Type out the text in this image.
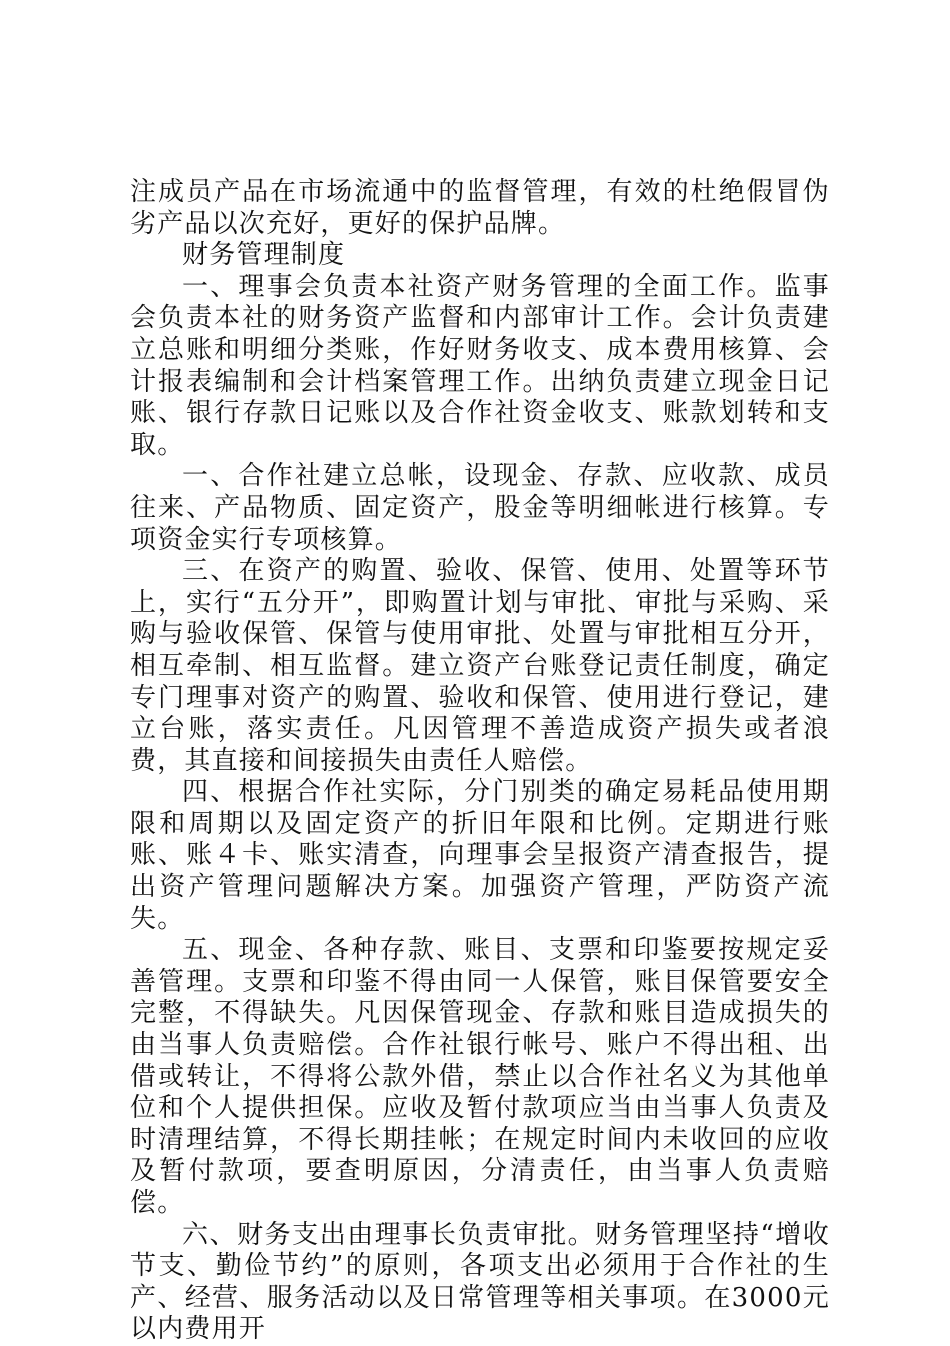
注成员产品在市场流通中的监督管理，有效的杜绝假冒伪劣产品以次充好，更好的保护品牌。

财务管理制度

一、理事会负责本社资产财务管理的全面工作。监事会负责本社的财务资产监督和内部审计工作。会计负责建立总账和明细分类账，作好财务收支、成本费用核算、会计报表编制和会计档案管理工作。出纳负责建立现金日记账、银行存款日记账以及合作社资金收支、账款划转和支取。

一、合作社建立总帐，设现金、存款、应收款、成员往来、产品物质、固定资产，股金等明细帐进行核算。专项资金实行专项核算。

三、在资产的购置、验收、保管、使用、处置等环节上，实行“五分开”，即购置计划与审批、审批与采购、采购与验收保管、保管与使用审批、处置与审批相互分开，相互牵制、相互监督。建立资产台账登记责任制度，确定专门理事对资产的购置、验收和保管、使用进行登记，建立台账，落实责任。凡因管理不善造成资产损失或者浪费，其直接和间接损失由责任人赔偿。

四、根据合作社实际，分门别类的确定易耗品使用期限和周期以及固定资产的折旧年限和比例。定期进行账账、账４卡、账实清查，向理事会呈报资产清查报告，提出资产管理问题解决方案。加强资产管理，严防资产流失。

五、现金、各种存款、账目、支票和印鉴要按规定妥善管理。支票和印鉴不得由同一人保管，账目保管要安全完整，不得缺失。凡因保管现金、存款和账目造成损失的由当事人负责赔偿。合作社银行帐号、账户不得出租、出借或转让，不得将公款外借，禁止以合作社名义为其他单位和个人提供担保。应收及暂付款项应当由当事人负责及时清理结算，不得长期挂帐；在规定时间内未收回的应收及暂付款项，要查明原因，分清责任，由当事人负责赔偿。

六、财务支出由理事长负责审批。财务管理坚持“增收节支、勤俭节约”的原则，各项支出必须用于合作社的生产、经营、服务活动以及日常管理等相关事项。在3000元以内费用开
